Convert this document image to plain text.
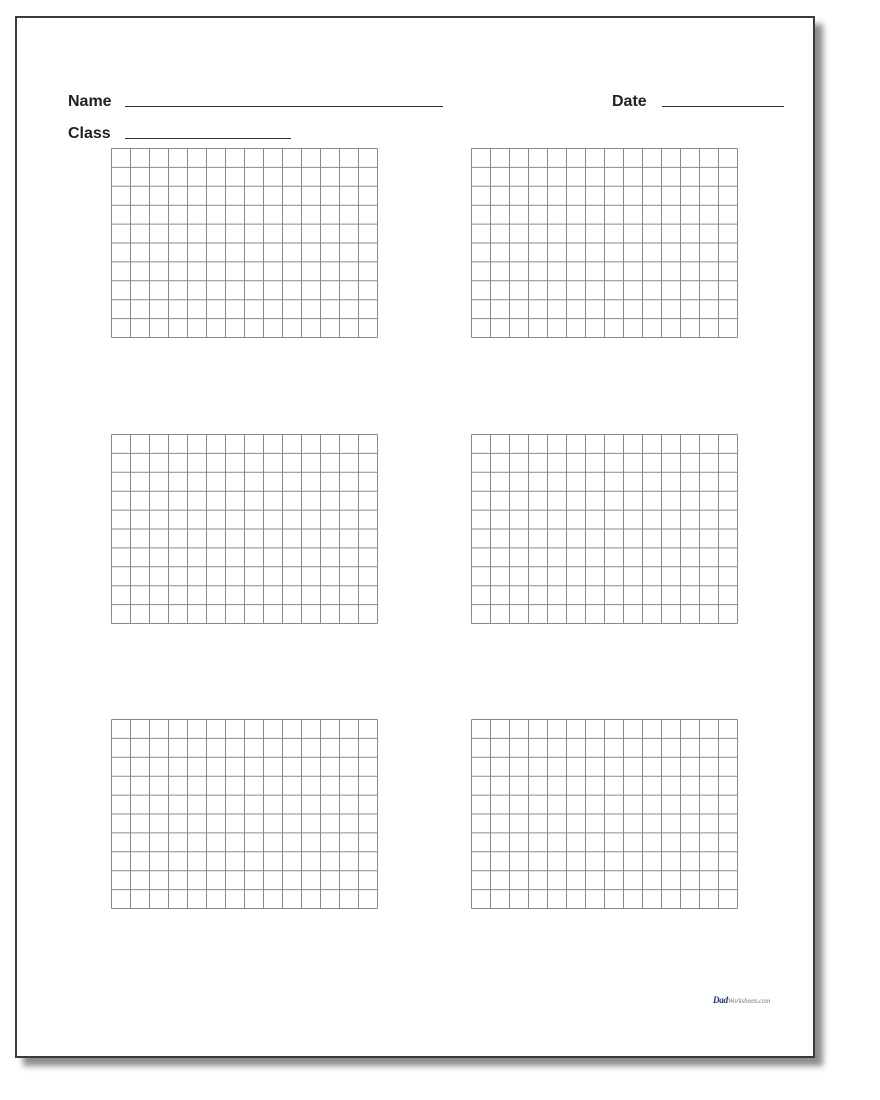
Name	Date
Class
DadWorksheets.com
